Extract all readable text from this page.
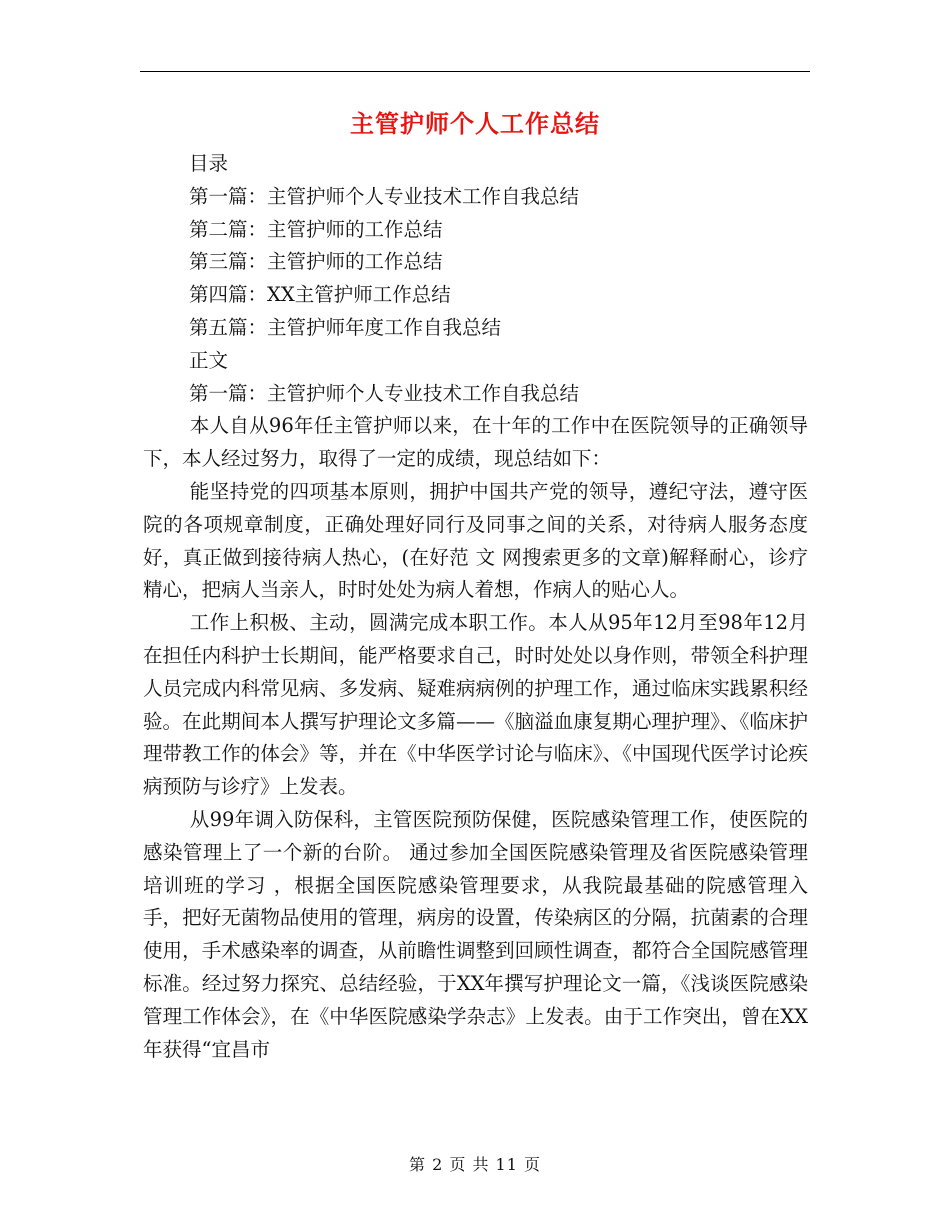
主管护师个人工作总结
目录
第一篇：主管护师个人专业技术工作自我总结
第二篇：主管护师的工作总结
第三篇：主管护师的工作总结
第四篇：XX主管护师工作总结
第五篇：主管护师年度工作自我总结
正文
第一篇：主管护师个人专业技术工作自我总结

本人自从96年任主管护师以来，在十年的工作中在医院领导的正确领导下，本人经过努力，取得了一定的成绩，现总结如下：

能坚持党的四项基本原则，拥护中国共产党的领导，遵纪守法，遵守医院的各项规章制度，正确处理好同行及同事之间的关系，对待病人服务态度好，真正做到接待病人热心，(在好范 文 网搜索更多的文章)解释耐心，诊疗精心，把病人当亲人，时时处处为病人着想，作病人的贴心人。

工作上积极、主动，圆满完成本职工作。本人从95年12月至98年12月在担任内科护士长期间，能严格要求自己，时时处处以身作则，带领全科护理人员完成内科常见病、多发病、疑难病病例的护理工作，通过临床实践累积经验。在此期间本人撰写护理论文多篇——《脑溢血康复期心理护理》、《临床护理带教工作的体会》等，并在《中华医学讨论与临床》、《中国现代医学讨论疾病预防与诊疗》上发表。

从99年调入防保科，主管医院预防保健，医院感染管理工作，使医院的感染管理上了一个新的台阶。 通过参加全国医院感染管理及省医院感染管理培训班的学习 ，根据全国医院感染管理要求，从我院最基础的院感管理入手，把好无菌物品使用的管理，病房的设置，传染病区的分隔，抗菌素的合理使用，手术感染率的调查，从前瞻性调整到回顾性调查，都符合全国院感管理标准。经过努力探究、总结经验，于XX年撰写护理论文一篇，《浅谈医院感染管理工作体会》，在《中华医院感染学杂志》上发表。由于工作突出，曾在XX年获得“宜昌市

第 2 页 共 11 页
